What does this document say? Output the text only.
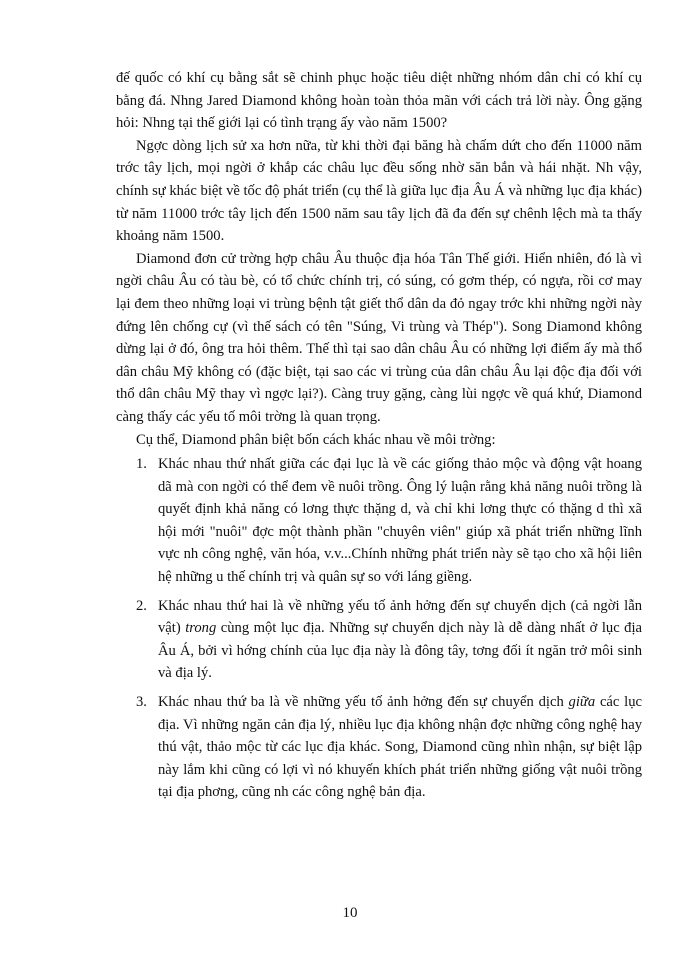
đế quốc có khí cụ bằng sắt sẽ chinh phục hoặc tiêu diệt những nhóm dân chỉ có khí cụ bằng đá. Nhng Jared Diamond không hoàn toàn thỏa mãn với cách trả lời này. Ông gặng hỏi: Nhng tại thế giới lại có tình trạng ấy vào năm 1500?

Ngợc dòng lịch sử xa hơn nữa, từ khi thời đại băng hà chấm dứt cho đến 11000 năm trớc tây lịch, mọi ngời ở khắp các châu lục đều sống nhờ săn bắn và hái nhặt. Nh vậy, chính sự khác biệt về tốc độ phát triển (cụ thể là giữa lục địa Âu Á và những lục địa khác) từ năm 11000 trớc tây lịch đến 1500 năm sau tây lịch đã đa đến sự chênh lệch mà ta thấy khoảng năm 1500.

Diamond đơn cử trờng hợp châu Âu thuộc địa hóa Tân Thế giới. Hiển nhiên, đó là vì ngời châu Âu có tàu bè, có tổ chức chính trị, có súng, có gơm thép, có ngựa, rồi cơ may lại đem theo những loại vi trùng bệnh tật giết thổ dân da đỏ ngay trớc khi những ngời này đứng lên chống cự (vì thế sách có tên "Súng, Vi trùng và Thép"). Song Diamond không dừng lại ở đó, ông tra hỏi thêm. Thế thì tại sao dân châu Âu có những lợi điểm ấy mà thổ dân châu Mỹ không có (đặc biệt, tại sao các vi trùng của dân châu Âu lại độc địa đối với thổ dân châu Mỹ thay vì ngợc lại?). Càng truy gặng, càng lùi ngợc về quá khứ, Diamond càng thấy các yếu tố môi trờng là quan trọng.

Cụ thể, Diamond phân biệt bốn cách khác nhau về môi trờng:

1. Khác nhau thứ nhất giữa các đại lục là về các giống thảo mộc và động vật hoang dã mà con ngời có thể đem về nuôi trồng. Ông lý luận rằng khả năng nuôi trồng là quyết định khả năng có lơng thực thặng d, và chỉ khi lơng thực có thặng d thì xã hội mới "nuôi" đợc một thành phần "chuyên viên" giúp xã phát triển những lĩnh vực nh công nghệ, văn hóa, v.v...Chính những phát triển này sẽ tạo cho xã hội liên hệ những u thế chính trị và quân sự so với láng giềng.
2. Khác nhau thứ hai là về những yếu tố ảnh hởng đến sự chuyển dịch (cả ngời lẫn vật) trong cùng một lục địa. Những sự chuyển dịch này là dễ dàng nhất ở lục địa Âu Á, bởi vì hớng chính của lục địa này là đông tây, tơng đối ít ngăn trở môi sinh và địa lý.
3. Khác nhau thứ ba là về những yếu tố ảnh hởng đến sự chuyển dịch giữa các lục địa. Vì những ngăn cản địa lý, nhiều lục địa không nhận đợc những công nghệ hay thú vật, thảo mộc từ các lục địa khác. Song, Diamond cũng nhìn nhận, sự biệt lập này lắm khi cũng có lợi vì nó khuyến khích phát triển những giống vật nuôi trồng tại địa phơng, cũng nh các công nghệ bản địa.
10
